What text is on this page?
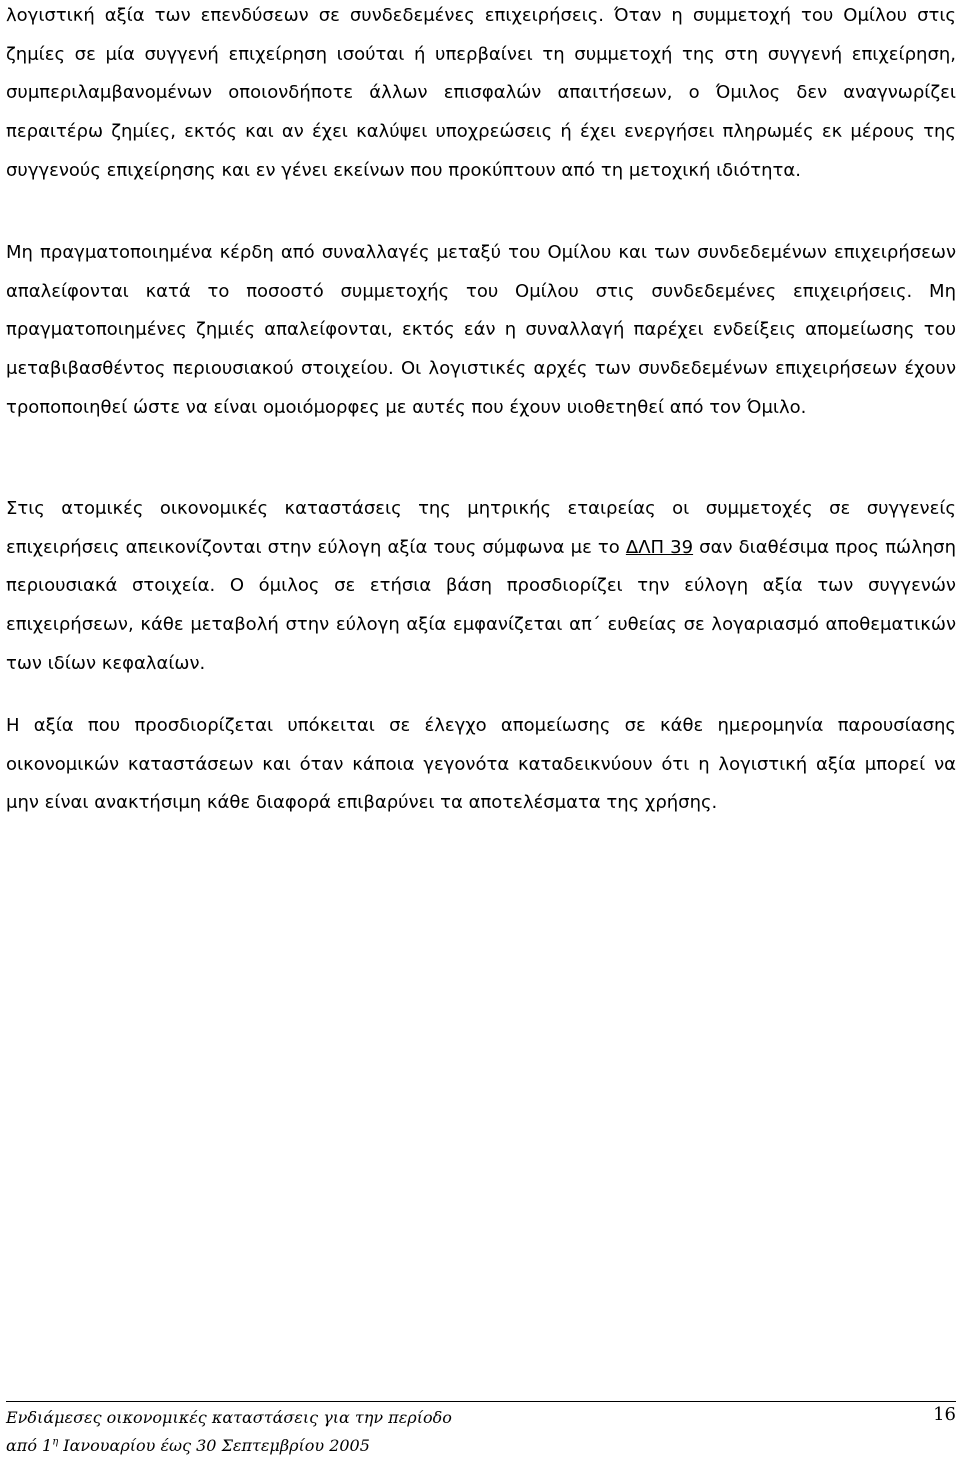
λογιστική αξία των επενδύσεων σε συνδεδεμένες επιχειρήσεις. Όταν η συμμετοχή του Ομίλου στις ζημίες σε μία συγγενή επιχείρηση ισούται ή υπερβαίνει τη συμμετοχή της στη συγγενή επιχείρηση, συμπεριλαμβανομένων οποιονδήποτε άλλων επισφαλών απαιτήσεων, ο Όμιλος δεν αναγνωρίζει περαιτέρω ζημίες, εκτός και αν έχει καλύψει υποχρεώσεις ή έχει ενεργήσει πληρωμές εκ μέρους της συγγενούς επιχείρησης και εν γένει εκείνων που προκύπτουν από τη μετοχική ιδιότητα.

Μη πραγματοποιημένα κέρδη από συναλλαγές μεταξύ του Ομίλου και των συνδεδεμένων επιχειρήσεων απαλείφονται κατά το ποσοστό συμμετοχής του Ομίλου στις συνδεδεμένες επιχειρήσεις. Μη πραγματοποιημένες ζημιές απαλείφονται, εκτός εάν η συναλλαγή παρέχει ενδείξεις απομείωσης του μεταβιβασθέντος περιουσιακού στοιχείου. Οι λογιστικές αρχές των συνδεδεμένων επιχειρήσεων έχουν τροποποιηθεί ώστε να είναι ομοιόμορφες με αυτές που έχουν υιοθετηθεί από τον Όμιλο.

Στις ατομικές οικονομικές καταστάσεις της μητρικής εταιρείας οι συμμετοχές σε συγγενείς επιχειρήσεις απεικονίζονται στην εύλογη αξία τους σύμφωνα με το ΔΛΠ 39 σαν διαθέσιμα προς πώληση περιουσιακά στοιχεία. Ο όμιλος σε ετήσια βάση προσδιορίζει την εύλογη αξία των συγγενών επιχειρήσεων, κάθε μεταβολή στην εύλογη αξία εμφανίζεται απ΄ ευθείας σε λογαριασμό αποθεματικών των ιδίων κεφαλαίων.

Η αξία που προσδιορίζεται υπόκειται σε έλεγχο απομείωσης σε κάθε ημερομηνία παρουσίασης οικονομικών καταστάσεων και όταν κάποια γεγονότα καταδεικνύουν ότι η λογιστική αξία μπορεί να μην είναι ανακτήσιμη κάθε διαφορά επιβαρύνει τα αποτελέσματα της χρήσης.

Ενδιάμεσες οικονομικές καταστάσεις για την περίοδο
από $1^\eta$ Ιανουαρίου έως 30 Σεπτεμβρίου 2005
16
